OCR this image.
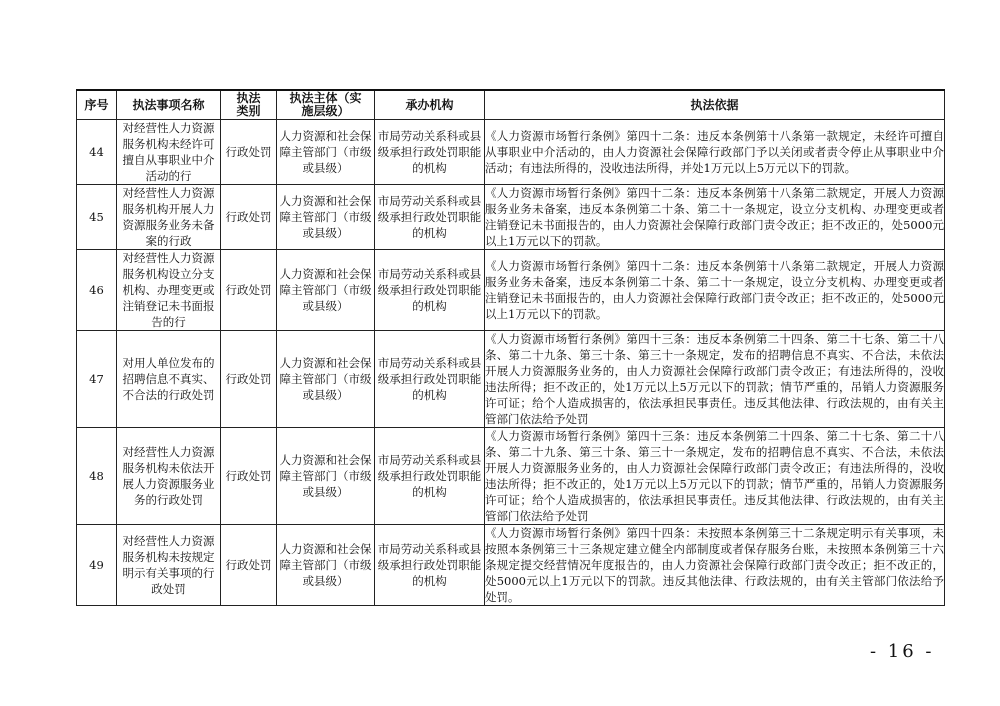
序号	执法事项名称	执法类别	执法主体（实施层级）	承办机构	执法依据
44	对经营性人力资源服务机构未经许可擅自从事职业中介活动的行	行政处罚	人力资源和社会保障主管部门（市级或县级）	市局劳动关系科或县级承担行政处罚职能的机构	《人力资源市场暂行条例》第四十二条：违反本条例第十八条第一款规定，未经许可擅自从事职业中介活动的，由人力资源社会保障行政部门予以关闭或者责令停止从事职业中介活动；有违法所得的，没收违法所得，并处1万元以上5万元以下的罚款。
45	对经营性人力资源服务机构开展人力资源服务业务未备案的行政	行政处罚	人力资源和社会保障主管部门（市级或县级）	市局劳动关系科或县级承担行政处罚职能的机构	《人力资源市场暂行条例》第四十二条：违反本条例第十八条第二款规定，开展人力资源服务业务未备案，违反本条例第二十条、第二十一条规定，设立分支机构、办理变更或者注销登记未书面报告的，由人力资源社会保障行政部门责令改正；拒不改正的，处5000元以上1万元以下的罚款。
46	对经营性人力资源服务机构设立分支机构、办理变更或注销登记未书面报告的行	行政处罚	人力资源和社会保障主管部门（市级或县级）	市局劳动关系科或县级承担行政处罚职能的机构	《人力资源市场暂行条例》第四十二条：违反本条例第十八条第二款规定，开展人力资源服务业务未备案，违反本条例第二十条、第二十一条规定，设立分支机构、办理变更或者注销登记未书面报告的，由人力资源社会保障行政部门责令改正；拒不改正的，处5000元以上1万元以下的罚款。
47	对用人单位发布的招聘信息不真实、不合法的行政处罚	行政处罚	人力资源和社会保障主管部门（市级或县级）	市局劳动关系科或县级承担行政处罚职能的机构	《人力资源市场暂行条例》第四十三条：违反本条例第二十四条、第二十七条、第二十八条、第二十九条、第三十条、第三十一条规定，发布的招聘信息不真实、不合法，未依法开展人力资源服务业务的，由人力资源社会保障行政部门责令改正；有违法所得的，没收违法所得；拒不改正的，处1万元以上5万元以下的罚款；情节严重的，吊销人力资源服务许可证；给个人造成损害的，依法承担民事责任。违反其他法律、行政法规的，由有关主管部门依法给予处罚
48	对经营性人力资源服务机构未依法开展人力资源服务业务的行政处罚	行政处罚	人力资源和社会保障主管部门（市级或县级）	市局劳动关系科或县级承担行政处罚职能的机构	《人力资源市场暂行条例》第四十三条：违反本条例第二十四条、第二十七条、第二十八条、第二十九条、第三十条、第三十一条规定，发布的招聘信息不真实、不合法，未依法开展人力资源服务业务的，由人力资源社会保障行政部门责令改正；有违法所得的，没收违法所得；拒不改正的，处1万元以上5万元以下的罚款；情节严重的，吊销人力资源服务许可证；给个人造成损害的，依法承担民事责任。违反其他法律、行政法规的，由有关主管部门依法给予处罚
49	对经营性人力资源服务机构未按规定明示有关事项的行政处罚	行政处罚	人力资源和社会保障主管部门（市级或县级）	市局劳动关系科或县级承担行政处罚职能的机构	《人力资源市场暂行条例》第四十四条：未按照本条例第三十二条规定明示有关事项，未按照本条例第三十三条规定建立健全内部制度或者保存服务台账，未按照本条例第三十六条规定提交经营情况年度报告的，由人力资源社会保障行政部门责令改正；拒不改正的，处5000元以上1万元以下的罚款。违反其他法律、行政法规的，由有关主管部门依法给予处罚。
- 16 -
